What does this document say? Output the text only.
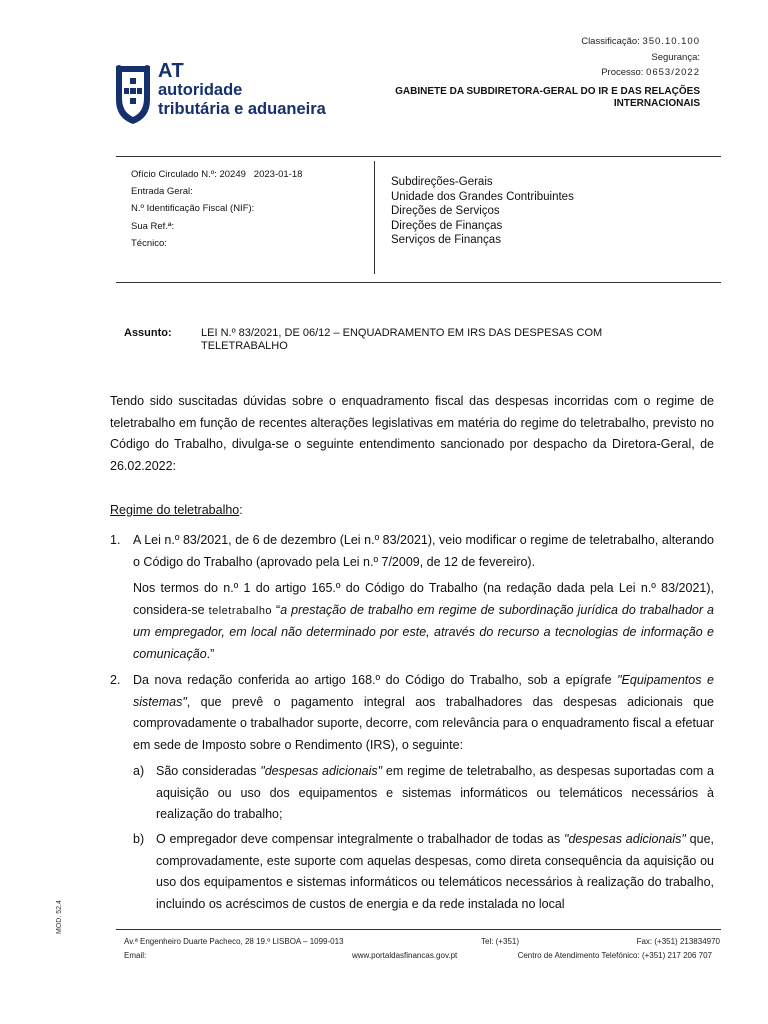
Classificação: 350.10.100
Segurança:
Processo: 0653/2022
GABINETE DA SUBDIRETORA-GERAL DO IR E DAS RELAÇÕES INTERNACIONAIS
AT
autoridade
tributária e aduaneira
Ofício Circulado N.º: 20249   2023-01-18
Entrada Geral:
N.º Identificação Fiscal (NIF):
Sua Ref.ª:
Técnico:
Subdireções-Gerais
Unidade dos Grandes Contribuintes
Direções de Serviços
Direções de Finanças
Serviços de Finanças
Assunto:	LEI N.º 83/2021, DE 06/12 – ENQUADRAMENTO EM IRS DAS DESPESAS COM TELETRABALHO
Tendo sido suscitadas dúvidas sobre o enquadramento fiscal das despesas incorridas com o regime de teletrabalho em função de recentes alterações legislativas em matéria do regime do teletrabalho, previsto no Código do Trabalho, divulga-se o seguinte entendimento sancionado por despacho da Diretora-Geral, de 26.02.2022:
Regime do teletrabalho:
1. A Lei n.º 83/2021, de 6 de dezembro (Lei n.º 83/2021), veio modificar o regime de teletrabalho, alterando o Código do Trabalho (aprovado pela Lei n.º 7/2009, de 12 de fevereiro).
Nos termos do n.º 1 do artigo 165.º do Código do Trabalho (na redação dada pela Lei n.º 83/2021), considera-se teletrabalho “a prestação de trabalho em regime de subordinação jurídica do trabalhador a um empregador, em local não determinado por este, através do recurso a tecnologias de informação e comunicação.”
2. Da nova redação conferida ao artigo 168.º do Código do Trabalho, sob a epígrafe "Equipamentos e sistemas", que prevê o pagamento integral aos trabalhadores das despesas adicionais que comprovadamente o trabalhador suporte, decorre, com relevância para o enquadramento fiscal a efetuar em sede de Imposto sobre o Rendimento (IRS), o seguinte:
a) São consideradas "despesas adicionais" em regime de teletrabalho, as despesas suportadas com a aquisição ou uso dos equipamentos e sistemas informáticos ou telemáticos necessários à realização do trabalho;
b) O empregador deve compensar integralmente o trabalhador de todas as "despesas adicionais" que, comprovadamente, este suporte com aquelas despesas, como direta consequência da aquisição ou uso dos equipamentos e sistemas informáticos ou telemáticos necessários à realização do trabalho, incluindo os acréscimos de custos de energia e da rede instalada no local
MOD. 52.4
Av.ª Engenheiro Duarte Pacheco, 28 19.º LISBOA – 1099-013	Tel: (+351)	Fax: (+351) 213834970
Email:	www.portaldasfinancas.gov.pt	Centro de Atendimento Telefónico: (+351) 217 206 707
